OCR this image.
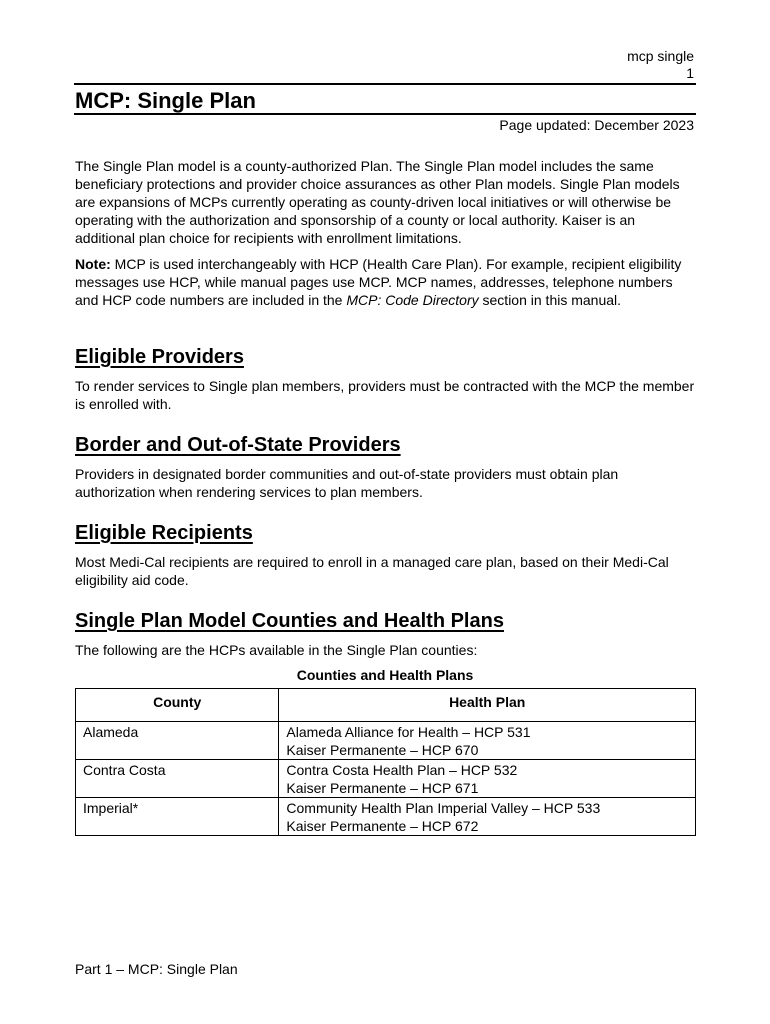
mcp single
1
MCP: Single Plan
Page updated: December 2023

The Single Plan model is a county-authorized Plan. The Single Plan model includes the same beneficiary protections and provider choice assurances as other Plan models. Single Plan models are expansions of MCPs currently operating as county-driven local initiatives or will otherwise be operating with the authorization and sponsorship of a county or local authority. Kaiser is an additional plan choice for recipients with enrollment limitations.

Note: MCP is used interchangeably with HCP (Health Care Plan). For example, recipient eligibility messages use HCP, while manual pages use MCP. MCP names, addresses, telephone numbers and HCP code numbers are included in the MCP: Code Directory section in this manual.

Eligible Providers

To render services to Single plan members, providers must be contracted with the MCP the member is enrolled with.

Border and Out-of-State Providers

Providers in designated border communities and out-of-state providers must obtain plan authorization when rendering services to plan members.

Eligible Recipients

Most Medi-Cal recipients are required to enroll in a managed care plan, based on their Medi-Cal eligibility aid code.

Single Plan Model Counties and Health Plans

The following are the HCPs available in the Single Plan counties:

Counties and Health Plans
County	Health Plan
Alameda	Alameda Alliance for Health – HCP 531
Kaiser Permanente – HCP 670

Contra Costa	Contra Costa Health Plan – HCP 532
Kaiser Permanente – HCP 671

Imperial*	Community Health Plan Imperial Valley – HCP 533
Kaiser Permanente – HCP 672
Part 1 – MCP: Single Plan
